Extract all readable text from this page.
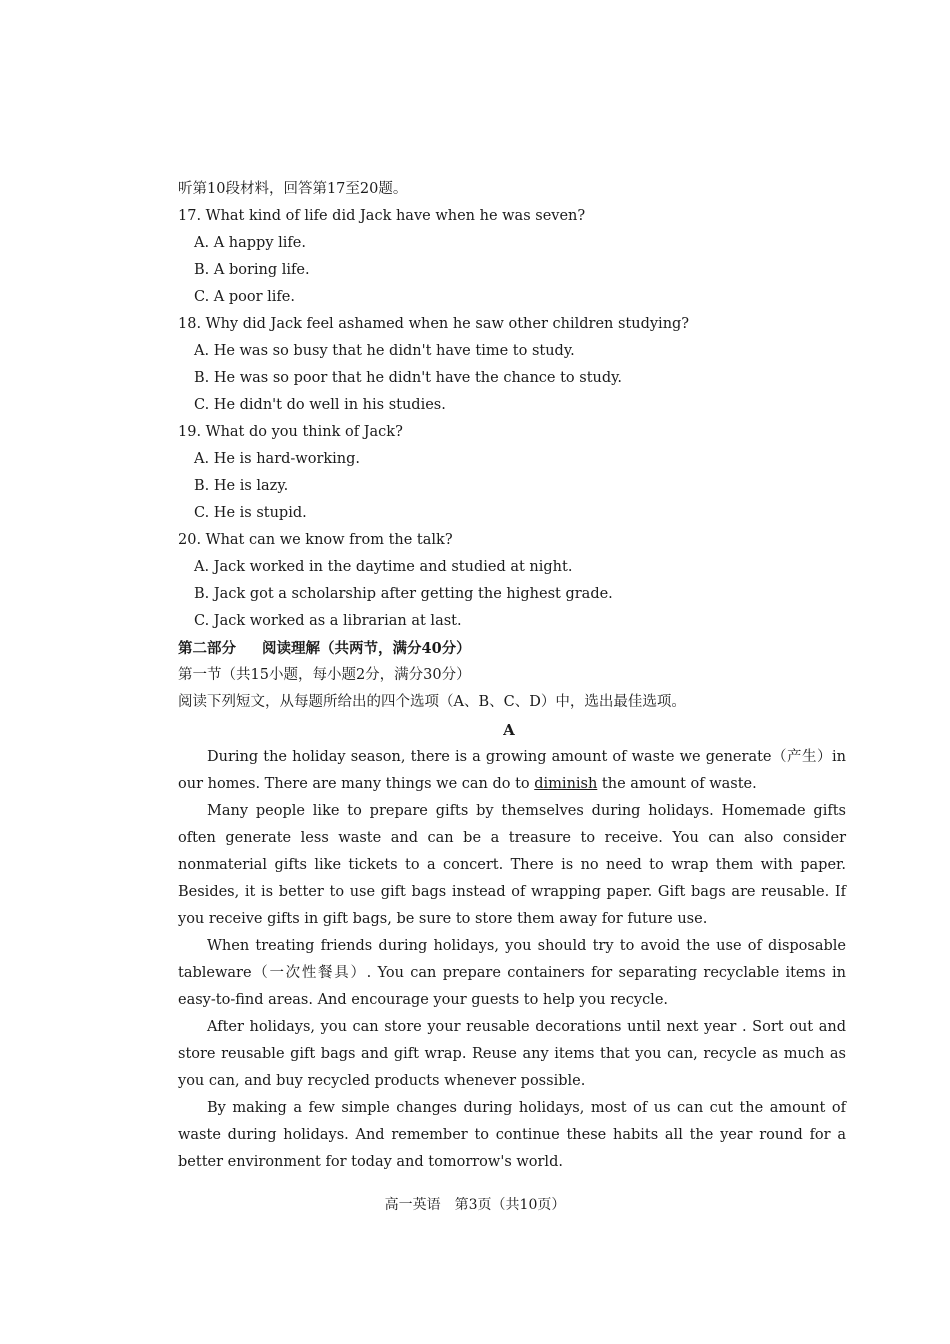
听第10段材料，回答第17至20题。
17. What kind of life did Jack have when he was seven?
A. A happy life.
B. A boring life.
C. A poor life.
18. Why did Jack feel ashamed when he saw other children studying?
A. He was so busy that he didn't have time to study.
B. He was so poor that he didn't have the chance to study.
C. He didn't do well in his studies.
19. What do you think of Jack?
A. He is hard-working.
B. He is lazy.
C. He is stupid.
20. What can we know from the talk?
A. Jack worked in the daytime and studied at night.
B. Jack got a scholarship after getting the highest grade.
C. Jack worked as a librarian at last.
第二部分 阅读理解（共两节，满分40分）
第一节（共15小题，每小题2分，满分30分）
阅读下列短文，从每题所给出的四个选项（A、B、C、D）中，选出最佳选项。
A

During the holiday season, there is a growing amount of waste we generate（产生）in our homes. There are many things we can do to diminish the amount of waste.

Many people like to prepare gifts by themselves during holidays. Homemade gifts often generate less waste and can be a treasure to receive. You can also consider nonmaterial gifts like tickets to a concert. There is no need to wrap them with paper. Besides, it is better to use gift bags instead of wrapping paper. Gift bags are reusable. If you receive gifts in gift bags, be sure to store them away for future use.

When treating friends during holidays, you should try to avoid the use of disposable tableware（一次性餐具）. You can prepare containers for separating recyclable items in easy-to-find areas. And encourage your guests to help you recycle.

After holidays, you can store your reusable decorations until next year . Sort out and store reusable gift bags and gift wrap. Reuse any items that you can, recycle as much as you can, and buy recycled products whenever possible.

By making a few simple changes during holidays, most of us can cut the amount of waste during holidays. And remember to continue these habits all the year round for a better environment for today and tomorrow's world.

高一英语　第3页（共10页）
